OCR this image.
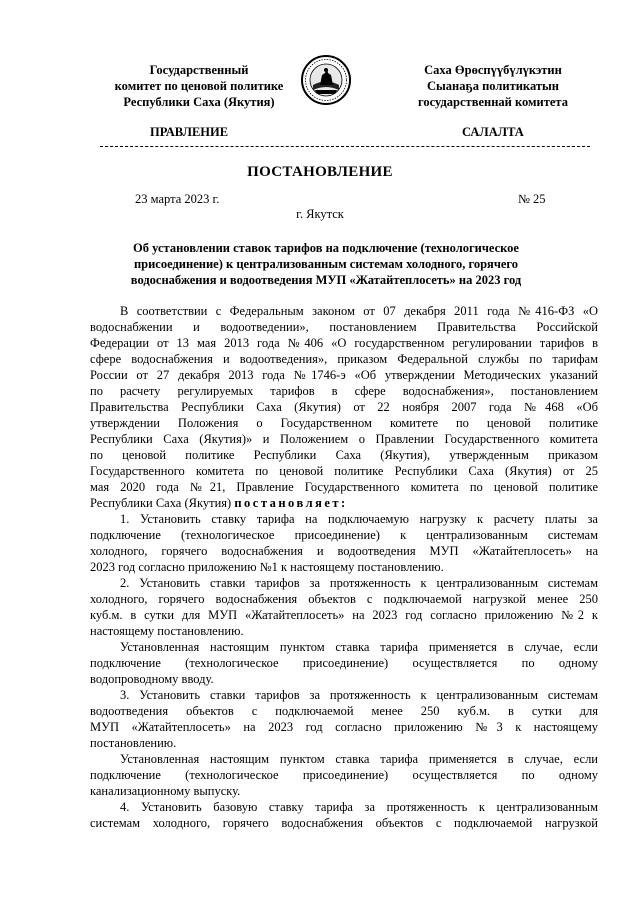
Государственный
комитет по ценовой политике
Республики Саха (Якутия)
Саха Өрөспүүбүлүкэтин
Сыанаҕа политикатын
государственнай комитета
ПРАВЛЕНИЕ	САЛАЛТА
ПОСТАНОВЛЕНИЕ
23 марта 2023 г.	№ 25
г. Якутск
Об установлении ставок тарифов на подключение (технологическое
присоединение) к централизованным системам холодного, горячего
водоснабжения и водоотведения МУП «Жатайтеплосеть» на 2023 год
В соответствии с Федеральным законом от 07 декабря 2011 года №416-ФЗ «О
водоснабжении и водоотведении», постановлением Правительства Российской
Федерации от 13 мая 2013 года №406 «О государственном регулировании тарифов в
сфере водоснабжения и водоотведения», приказом Федеральной службы по тарифам
России от 27 декабря 2013 года №1746-э «Об утверждении Методических указаний
по расчету регулируемых тарифов в сфере водоснабжения», постановлением
Правительства Республики Саха (Якутия) от 22 ноября 2007 года №468 «Об
утверждении Положения о Государственном комитете по ценовой политике
Республики Саха (Якутия)» и Положением о Правлении Государственного комитета
по ценовой политике Республики Саха (Якутия), утвержденным приказом
Государственного комитета по ценовой политике Республики Саха (Якутия) от 25
мая 2020 года №21, Правление Государственного комитета по ценовой политике
Республики Саха (Якутия) постановляет:
1. Установить ставку тарифа на подключаемую нагрузку к расчету платы за
подключение (технологическое присоединение) к централизованным системам
холодного, горячего водоснабжения и водоотведения МУП «Жатайтеплосеть» на
2023 год согласно приложению №1 к настоящему постановлению.
2. Установить ставки тарифов за протяженность к централизованным системам
холодного, горячего водоснабжения объектов с подключаемой нагрузкой менее 250
куб.м. в сутки для МУП «Жатайтеплосеть» на 2023 год согласно приложению №2 к
настоящему постановлению.
Установленная настоящим пунктом ставка тарифа применяется в случае, если
подключение (технологическое присоединение) осуществляется по одному
водопроводному вводу.
3. Установить ставки тарифов за протяженность к централизованным системам
водоотведения объектов с подключаемой менее 250 куб.м. в сутки для
МУП «Жатайтеплосеть» на 2023 год согласно приложению №3 к настоящему
постановлению.
Установленная настоящим пунктом ставка тарифа применяется в случае, если
подключение (технологическое присоединение) осуществляется по одному
канализационному выпуску.
4. Установить базовую ставку тарифа за протяженность к централизованным
системам холодного, горячего водоснабжения объектов с подключаемой нагрузкой
